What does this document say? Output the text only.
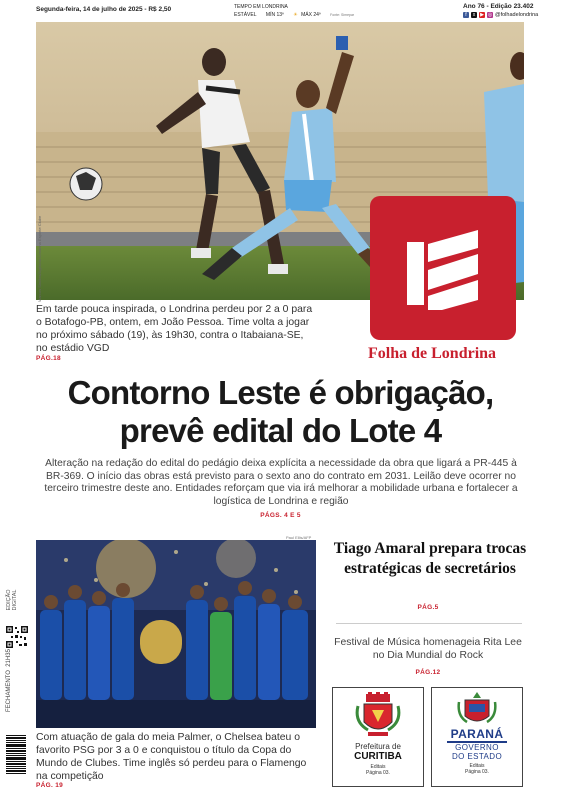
Segunda-feira, 14 de julho de 2025 - R$ 2,50	TEMPO EM LONDRINA
ESTÁVEL MÍN 13º ☀ MÁX 24º	Fonte: Simepar
Ano 76 - Edição 23.402
f	x ▶ ◎ @folhadelondrina
Marcos Simões/Agência Londrina Esporte Clube
Folha de Londrina

Em tarde pouca inspirada, o Londrina perdeu por 2 a 0 para o Botafogo-PB, ontem, em João Pessoa. Time volta a jogar no próximo sábado (19), às 19h30, contra o Itabaiana-SE, no estádio VGD

PÁG.18
Contorno Leste é obrigação,
prevê edital do Lote 4

Alteração na redação do edital do pedágio deixa explícita a necessidade da obra que ligará a PR-445 à BR-369. O início das obras está previsto para o sexto ano do contrato em 2031. Leilão deve ocorrer no terceiro trimestre deste ano. Entidades reforçam que via irá melhorar a mobilidade urbana e fortalecer a logística de Londrina e região

PÁGS. 4 E 5
Paul Ellis/AFP
EDIÇÃO DIGITAL
FECHAMENTO  21H35

Com atuação de gala do meia Palmer, o Chelsea bateu o favorito PSG por 3 a 0 e conquistou o título da Copa do Mundo de Clubes. Time inglês só perdeu para o Flamengo na competição

PÁG. 19
Tiago Amaral prepara trocas estratégicas de secretários
PÁG.5

Festival de Música homenageia Rita Lee no Dia Mundial do Rock

PÁG.12
Prefeitura de
CURITIBA
Editais
Página 03.
PARANÁ
GOVERNO
DO ESTADO
Editais
Página 03.
